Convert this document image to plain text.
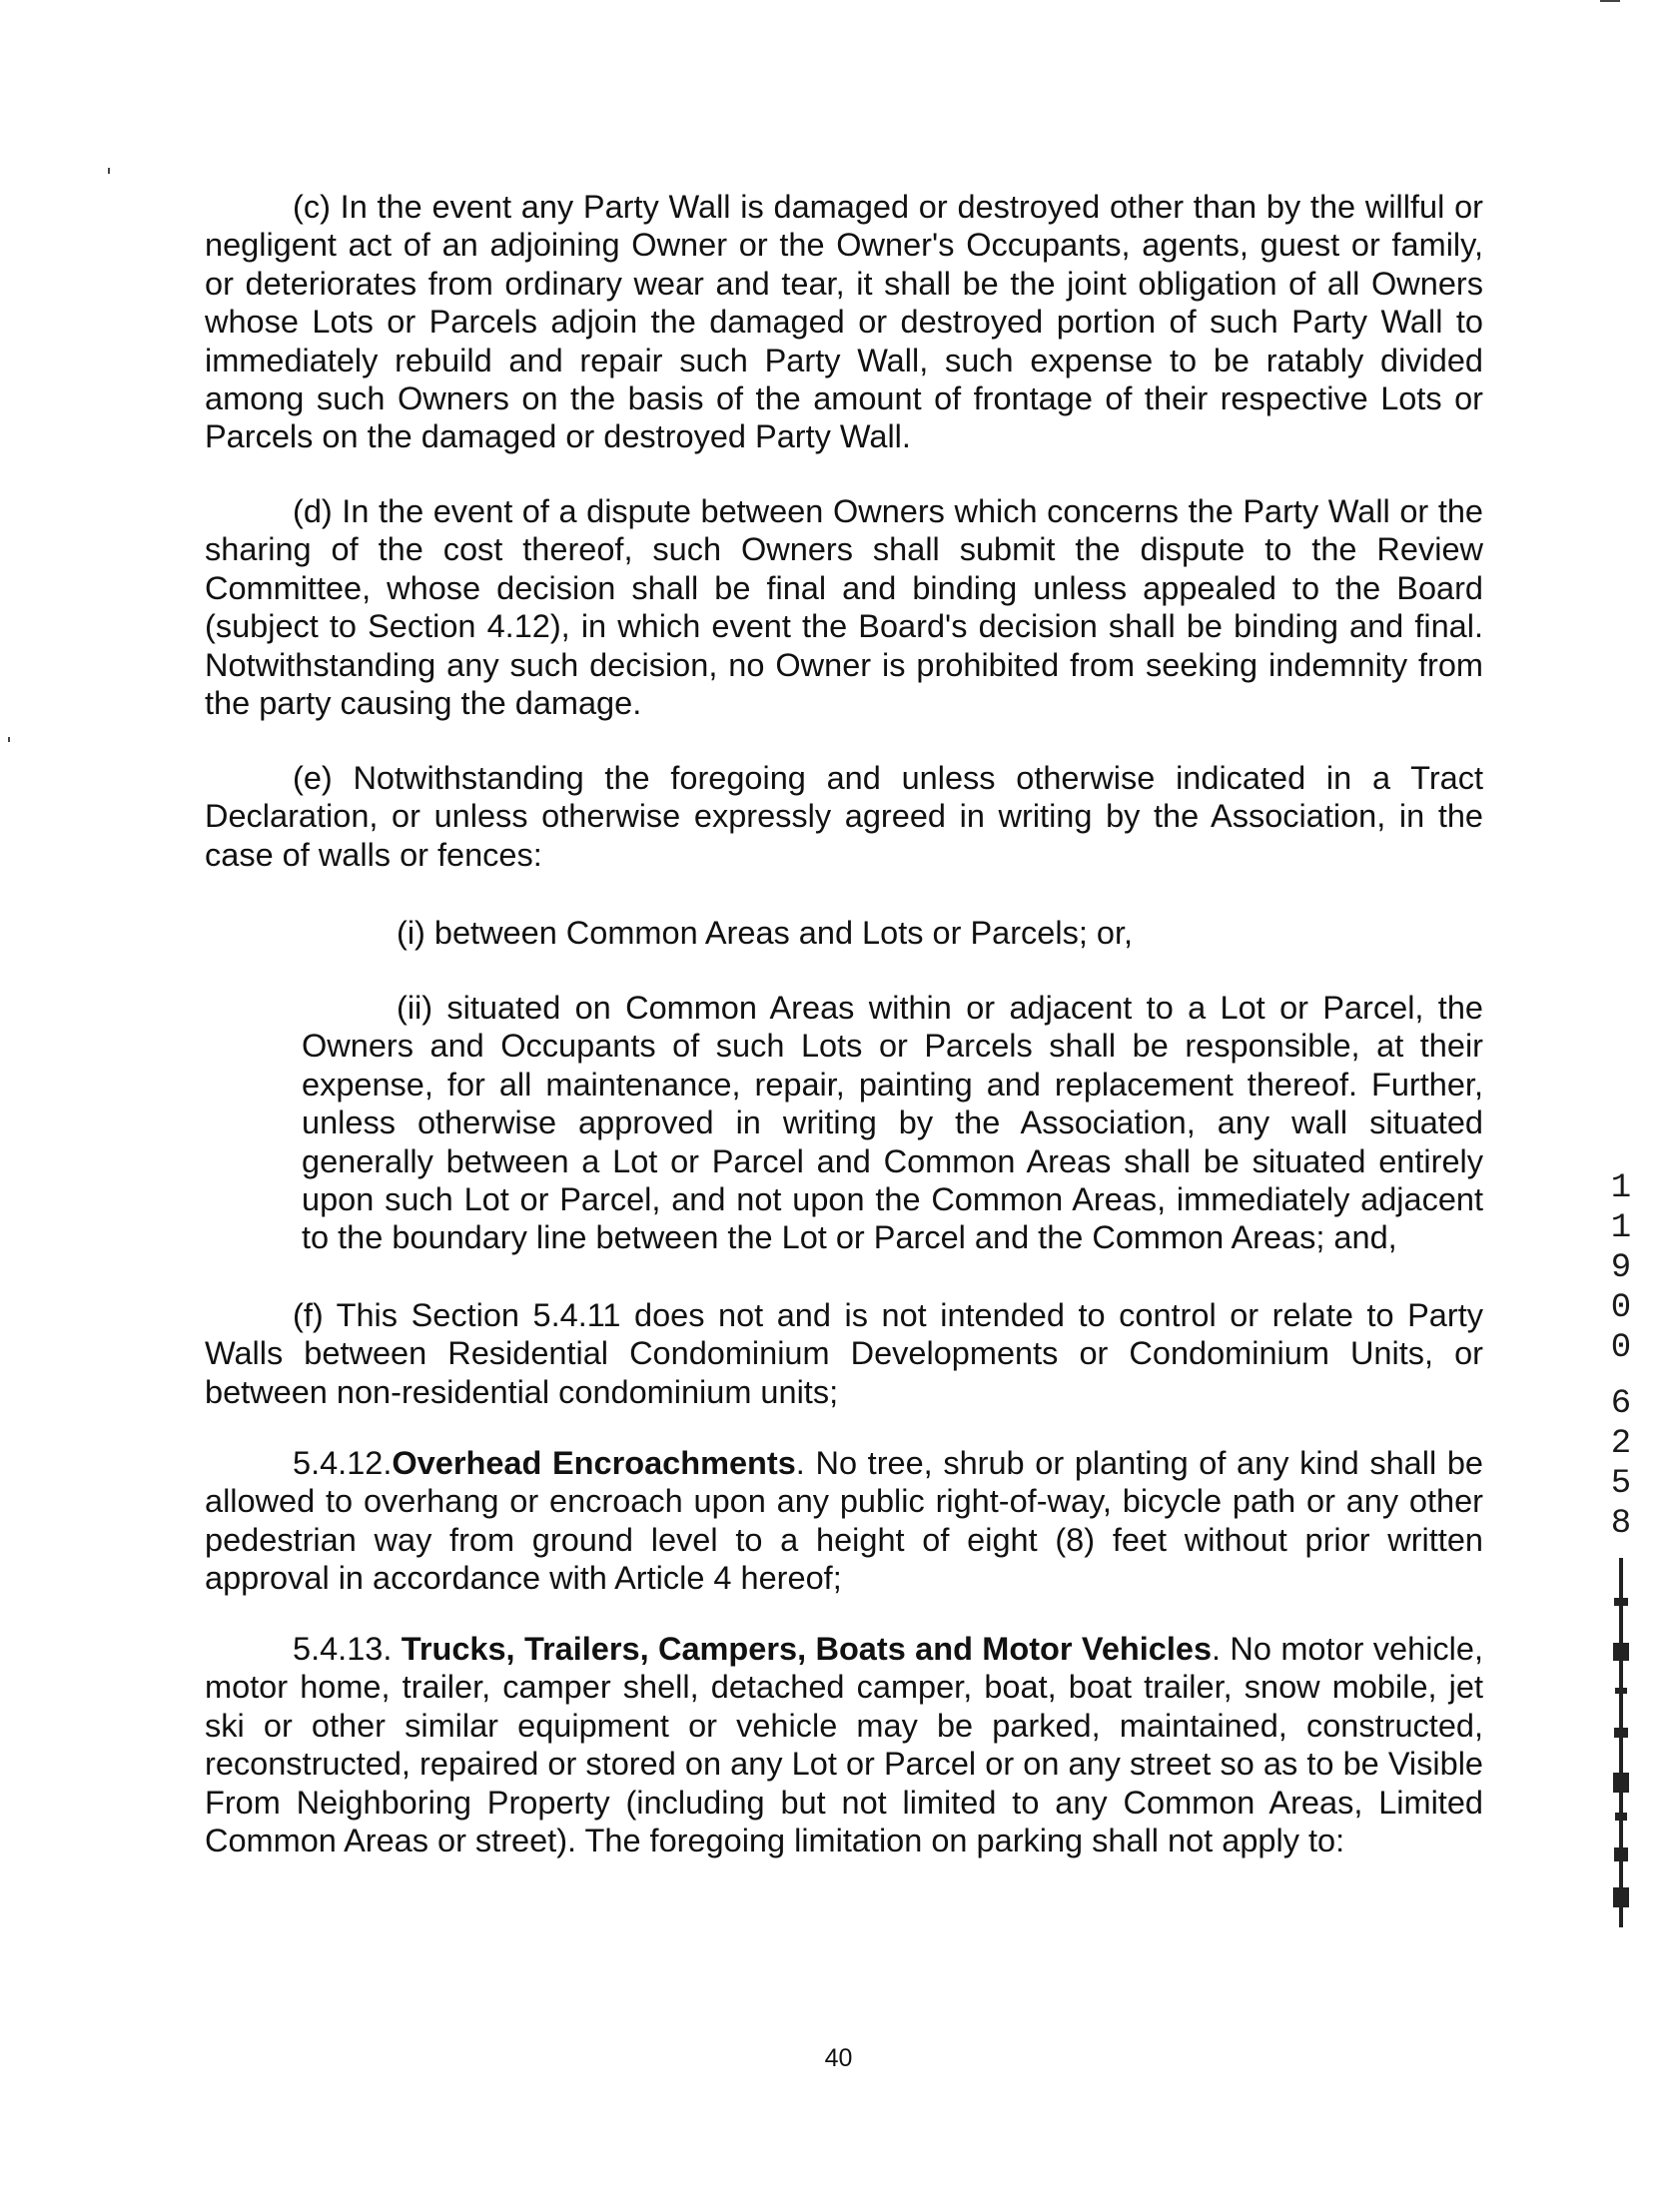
(c) In the event any Party Wall is damaged or destroyed other than by the willful or negligent act of an adjoining Owner or the Owner's Occupants, agents, guest or family, or deteriorates from ordinary wear and tear, it shall be the joint obligation of all Owners whose Lots or Parcels adjoin the damaged or destroyed portion of such Party Wall to immediately rebuild and repair such Party Wall, such expense to be ratably divided among such Owners on the basis of the amount of frontage of their respective Lots or Parcels on the damaged or destroyed Party Wall.

(d) In the event of a dispute between Owners which concerns the Party Wall or the sharing of the cost thereof, such Owners shall submit the dispute to the Review Committee, whose decision shall be final and binding unless appealed to the Board (subject to Section 4.12), in which event the Board's decision shall be binding and final. Notwithstanding any such decision, no Owner is prohibited from seeking indemnity from the party causing the damage.

(e) Notwithstanding the foregoing and unless otherwise indicated in a Tract Declaration, or unless otherwise expressly agreed in writing by the Association, in the case of walls or fences:

(i) between Common Areas and Lots or Parcels; or,

(ii) situated on Common Areas within or adjacent to a Lot or Parcel, the Owners and Occupants of such Lots or Parcels shall be responsible, at their expense, for all maintenance, repair, painting and replacement thereof. Further, unless otherwise approved in writing by the Association, any wall situated generally between a Lot or Parcel and Common Areas shall be situated entirely upon such Lot or Parcel, and not upon the Common Areas, immediately adjacent to the boundary line between the Lot or Parcel and the Common Areas; and,

(f) This Section 5.4.11 does not and is not intended to control or relate to Party Walls between Residential Condominium Developments or Condominium Units, or between non-residential condominium units;

5.4.12.Overhead Encroachments. No tree, shrub or planting of any kind shall be allowed to overhang or encroach upon any public right-of-way, bicycle path or any other pedestrian way from ground level to a height of eight (8) feet without prior written approval in accordance with Article 4 hereof;

5.4.13. Trucks, Trailers, Campers, Boats and Motor Vehicles. No motor vehicle, motor home, trailer, camper shell, detached camper, boat, boat trailer, snow mobile, jet ski or other similar equipment or vehicle may be parked, maintained, constructed, reconstructed, repaired or stored on any Lot or Parcel or on any street so as to be Visible From Neighboring Property (including but not limited to any Common Areas, Limited Common Areas or street). The foregoing limitation on parking shall not apply to:

40
1
1
9
0
0
6
2
5
8
